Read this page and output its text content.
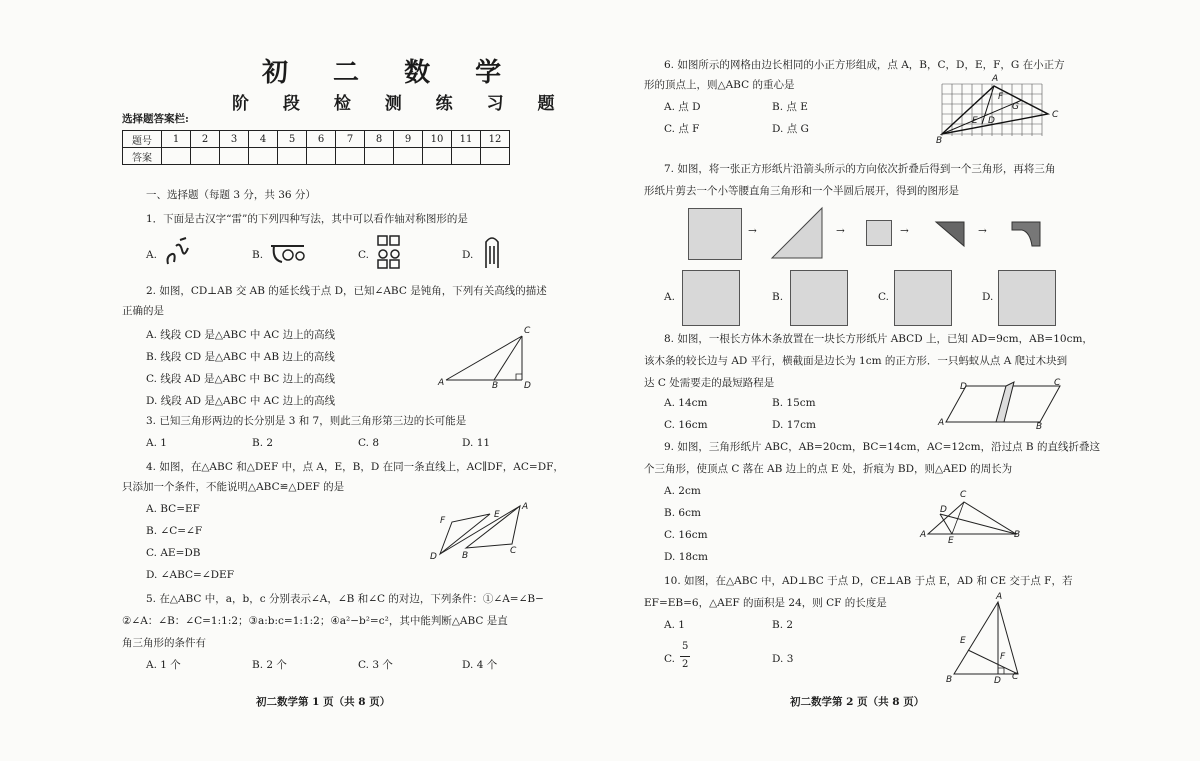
初 二 数 学
阶 段 检 测 练 习 题
选择题答案栏:
题号	1	2	3	4	5	6	7	8	9	10	11	12
答案												
一、选择题（每题 3 分，共 36 分）
1．下面是古汉字“雷”的下列四种写法，其中可以看作轴对称图形的是
A.	B.	C.	D.
2. 如图，CD⊥AB 交 AB 的延长线于点 D，已知∠ABC 是钝角，下列有关高线的描述
正确的是
A. 线段 CD 是△ABC 中 AC 边上的高线
B. 线段 CD 是△ABC 中 AB 边上的高线
C. 线段 AD 是△ABC 中 BC 边上的高线
D. 线段 AD 是△ABC 中 AC 边上的高线
A	B
C
D
3. 已知三角形两边的长分别是 3 和 7，则此三角形第三边的长可能是
A. 1	B. 2	C. 8	D. 11
4. 如图，在△ABC 和△DEF 中，点 A，E，B，D 在同一条直线上，AC∥DF，AC=DF，
只添加一个条件，不能说明△ABC≌△DEF 的是
A. BC=EF
B. ∠C=∠F
C. AE=DB
D. ∠ABC=∠DEF
D
F
E
B
A
C
5. 在△ABC 中，a，b，c 分别表示∠A，∠B 和∠C 的对边，下列条件：①∠A=∠B−
②∠A：∠B：∠C=1:1:2；③a:b:c=1:1:2；④a²−b²=c²，其中能判断△ABC 是直
角三角形的条件有
A. 1 个	B. 2 个	C. 3 个	D. 4 个
初二数学第 1 页（共 8 页）
6. 如图所示的网格由边长相同的小正方形组成，点 A，B，C，D，E，F，G 在小正方
形的顶点上，则△ABC 的重心是
A. 点 D	B. 点 E
C. 点 F	D. 点 G
B
A
C
F
G
E D
7. 如图，将一张正方形纸片沿箭头所示的方向依次折叠后得到一个三角形，再将三角
形纸片剪去一个小等腰直角三角形和一个半圆后展开，得到的图形是
→	→	→	→
A.	B.	C.	D.
8. 如图，一根长方体木条放置在一块长方形纸片 ABCD 上，已知 AD=9cm，AB=10cm，
该木条的较长边与 AD 平行，横截面是边长为 1cm 的正方形．一只蚂蚁从点 A 爬过木块到
达 C 处需要走的最短路程是
A. 14cm	B. 15cm
C. 16cm	D. 17cm
D	C
A	B
9. 如图，三角形纸片 ABC，AB=20cm，BC=14cm，AC=12cm，沿过点 B 的直线折叠这
个三角形，使顶点 C 落在 AB 边上的点 E 处，折痕为 BD，则△AED 的周长为
A. 2cm
B. 6cm
C. 16cm
D. 18cm
A
C
D
E
B
10. 如图，在△ABC 中，AD⊥BC 于点 D，CE⊥AB 于点 E，AD 和 CE 交于点 F，若
EF=EB=6，△AEF 的面积是 24，则 CF 的长度是
A. 1	B. 2
C.
5
2	D. 3
A
E
F
B	D C
初二数学第 2 页（共 8 页）
